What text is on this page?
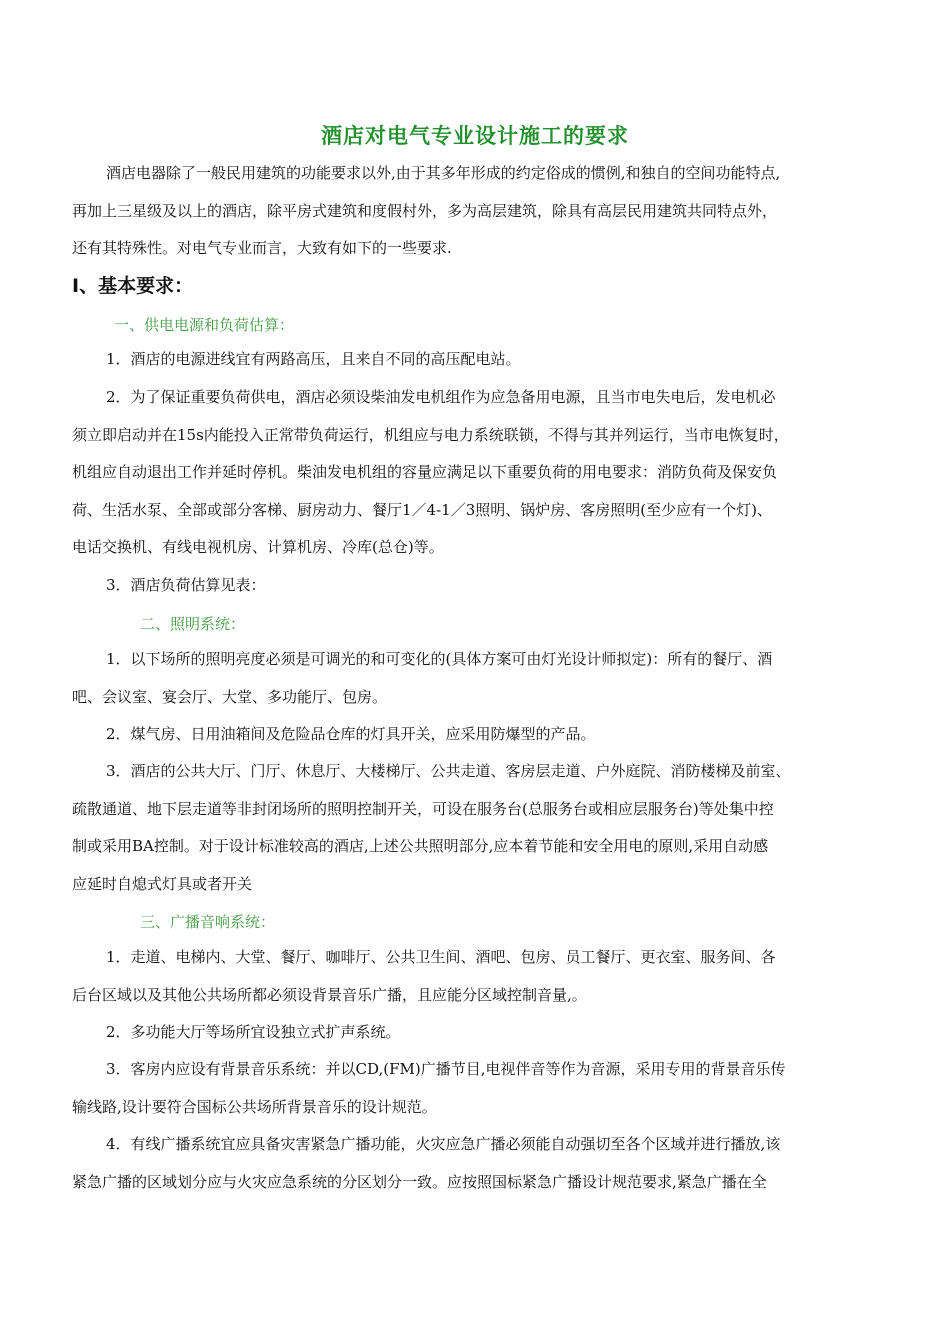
酒店对电气专业设计施工的要求
酒店电器除了一般民用建筑的功能要求以外,由于其多年形成的约定俗成的惯例,和独自的空间功能特点,
再加上三星级及以上的酒店，除平房式建筑和度假村外，多为高层建筑，除具有高层民用建筑共同特点外，
还有其特殊性。对电气专业而言，大致有如下的一些要求.
I、基本要求：
一、供电电源和负荷估算：
1．酒店的电源进线宜有两路高压，且来自不同的高压配电站。
2．为了保证重要负荷供电，酒店必须设柴油发电机组作为应急备用电源，且当市电失电后，发电机必
须立即启动并在15s内能投入正常带负荷运行，机组应与电力系统联锁，不得与其并列运行，当市电恢复时，
机组应自动退出工作并延时停机。柴油发电机组的容量应满足以下重要负荷的用电要求：消防负荷及保安负
荷、生活水泵、全部或部分客梯、厨房动力、餐厅1／4-1／3照明、锅炉房、客房照明(至少应有一个灯)、
电话交换机、有线电视机房、计算机房、冷库(总仓)等。
3．酒店负荷估算见表：
二、照明系统：
1．以下场所的照明亮度必须是可调光的和可变化的(具体方案可由灯光设计师拟定)：所有的餐厅、酒
吧、会议室、宴会厅、大堂、多功能厅、包房。
2．煤气房、日用油箱间及危险品仓库的灯具开关，应采用防爆型的产品。
3．酒店的公共大厅、门厅、休息厅、大楼梯厅、公共走道、客房层走道、户外庭院、消防楼梯及前室、
疏散通道、地下层走道等非封闭场所的照明控制开关，可设在服务台(总服务台或相应层服务台)等处集中控
制或采用BA控制。对于设计标准较高的酒店,上述公共照明部分,应本着节能和安全用电的原则,采用自动感
应延时自熄式灯具或者开关
三、广播音响系统：
1．走道、电梯内、大堂、餐厅、咖啡厅、公共卫生间、酒吧、包房、员工餐厅、更衣室、服务间、各
后台区域以及其他公共场所都必须设背景音乐广播，且应能分区域控制音量,。
2．多功能大厅等场所宜设独立式扩声系统。
3．客房内应设有背景音乐系统：并以CD,(FM)广播节目,电视伴音等作为音源，采用专用的背景音乐传
输线路,设计要符合国标公共场所背景音乐的设计规范。
4．有线广播系统宜应具备灾害紧急广播功能，火灾应急广播必须能自动强切至各个区域并进行播放,该
紧急广播的区域划分应与火灾应急系统的分区划分一致。应按照国标紧急广播设计规范要求,紧急广播在全
